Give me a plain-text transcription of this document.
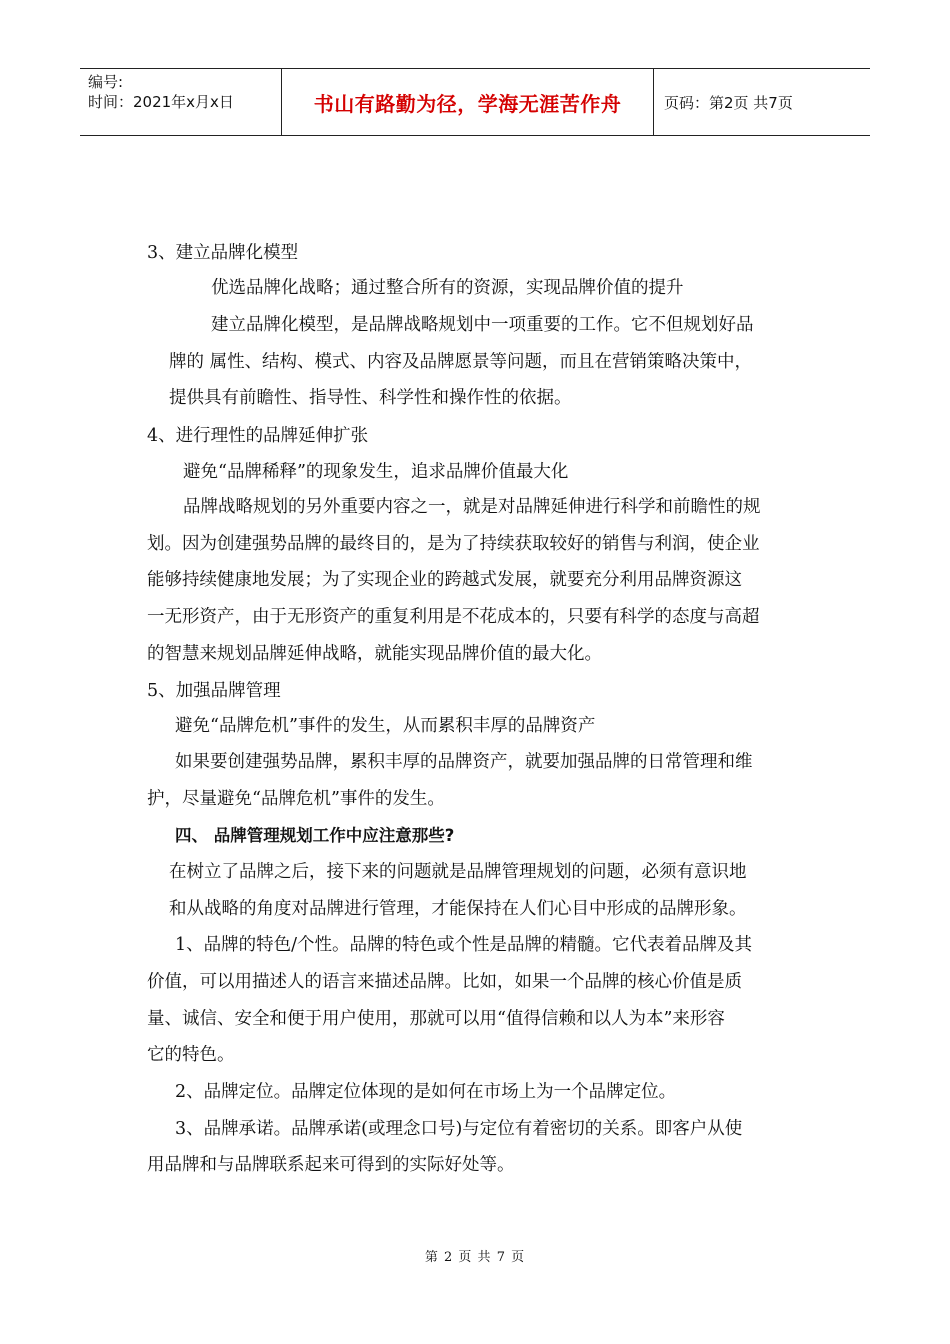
编号:
时间：2021年x月x日	书山有路勤为径，学海无涯苦作舟	页码：第2页 共7页
3、建立品牌化模型
优选品牌化战略；通过整合所有的资源，实现品牌价值的提升
建立品牌化模型，是品牌战略规划中一项重要的工作。它不但规划好品
牌的 属性、结构、模式、内容及品牌愿景等问题，而且在营销策略决策中，
提供具有前瞻性、指导性、科学性和操作性的依据。
4、进行理性的品牌延伸扩张
避免“品牌稀释”的现象发生，追求品牌价值最大化
品牌战略规划的另外重要内容之一，就是对品牌延伸进行科学和前瞻性的规
划。因为创建强势品牌的最终目的，是为了持续获取较好的销售与利润，使企业
能够持续健康地发展；为了实现企业的跨越式发展，就要充分利用品牌资源这
一无形资产，由于无形资产的重复利用是不花成本的，只要有科学的态度与高超
的智慧来规划品牌延伸战略，就能实现品牌价值的最大化。
5、加强品牌管理
避免“品牌危机”事件的发生，从而累积丰厚的品牌资产
如果要创建强势品牌，累积丰厚的品牌资产，就要加强品牌的日常管理和维
护，尽量避免“品牌危机”事件的发生。
四、 品牌管理规划工作中应注意那些?
在树立了品牌之后，接下来的问题就是品牌管理规划的问题，必须有意识地
和从战略的角度对品牌进行管理，才能保持在人们心目中形成的品牌形象。
1、品牌的特色/个性。品牌的特色或个性是品牌的精髓。它代表着品牌及其
价值，可以用描述人的语言来描述品牌。比如，如果一个品牌的核心价值是质
量、诚信、安全和便于用户使用，那就可以用“值得信赖和以人为本”来形容
它的特色。
2、品牌定位。品牌定位体现的是如何在市场上为一个品牌定位。
3、品牌承诺。品牌承诺(或理念口号)与定位有着密切的关系。即客户从使
用品牌和与品牌联系起来可得到的实际好处等。
第 2 页 共 7 页
